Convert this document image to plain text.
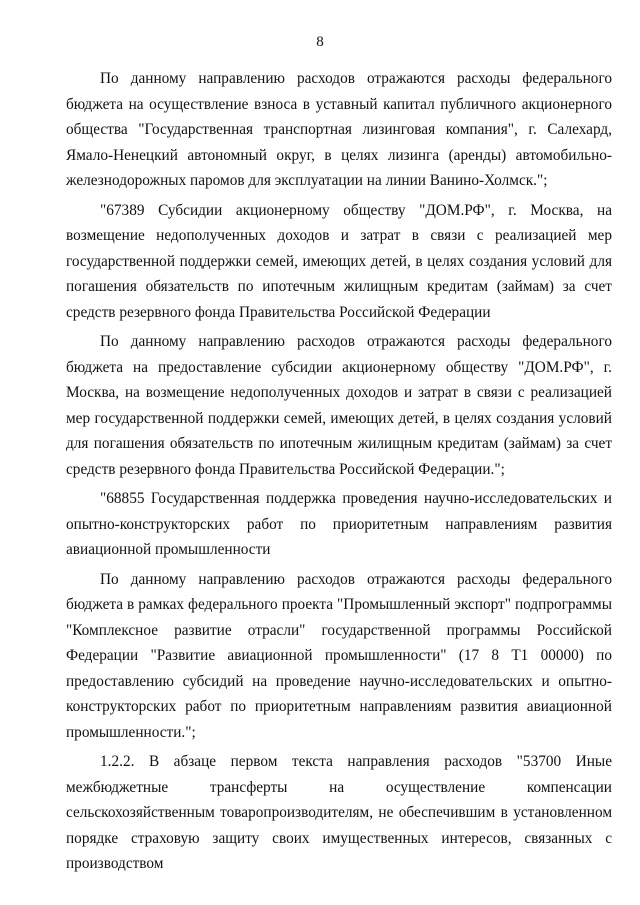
8

По данному направлению расходов отражаются расходы федерального бюджета на осуществление взноса в уставный капитал публичного акционерного общества "Государственная транспортная лизинговая компания", г. Салехард, Ямало-Ненецкий автономный округ, в целях лизинга (аренды) автомобильно-железнодорожных паромов для эксплуатации на линии Ванино-Холмск.";

"67389 Субсидии акционерному обществу "ДОМ.РФ", г. Москва, на возмещение недополученных доходов и затрат в связи с реализацией мер государственной поддержки семей, имеющих детей, в целях создания условий для погашения обязательств по ипотечным жилищным кредитам (займам) за счет средств резервного фонда Правительства Российской Федерации

По данному направлению расходов отражаются расходы федерального бюджета на предоставление субсидии акционерному обществу "ДОМ.РФ", г. Москва, на возмещение недополученных доходов и затрат в связи с реализацией мер государственной поддержки семей, имеющих детей, в целях создания условий для погашения обязательств по ипотечным жилищным кредитам (займам) за счет средств резервного фонда Правительства Российской Федерации.";

"68855 Государственная поддержка проведения научно-исследовательских и опытно-конструкторских работ по приоритетным направлениям развития авиационной промышленности

По данному направлению расходов отражаются расходы федерального бюджета в рамках федерального проекта "Промышленный экспорт" подпрограммы "Комплексное развитие отрасли" государственной программы Российской Федерации "Развитие авиационной промышленности" (17 8 Т1 00000) по предоставлению субсидий на проведение научно-исследовательских и опытно-конструкторских работ по приоритетным направлениям развития авиационной промышленности.";

1.2.2. В абзаце первом текста направления расходов "53700 Иные межбюджетные трансферты на осуществление компенсации сельскохозяйственным товаропроизводителям, не обеспечившим в установленном порядке страховую защиту своих имущественных интересов, связанных с производством
